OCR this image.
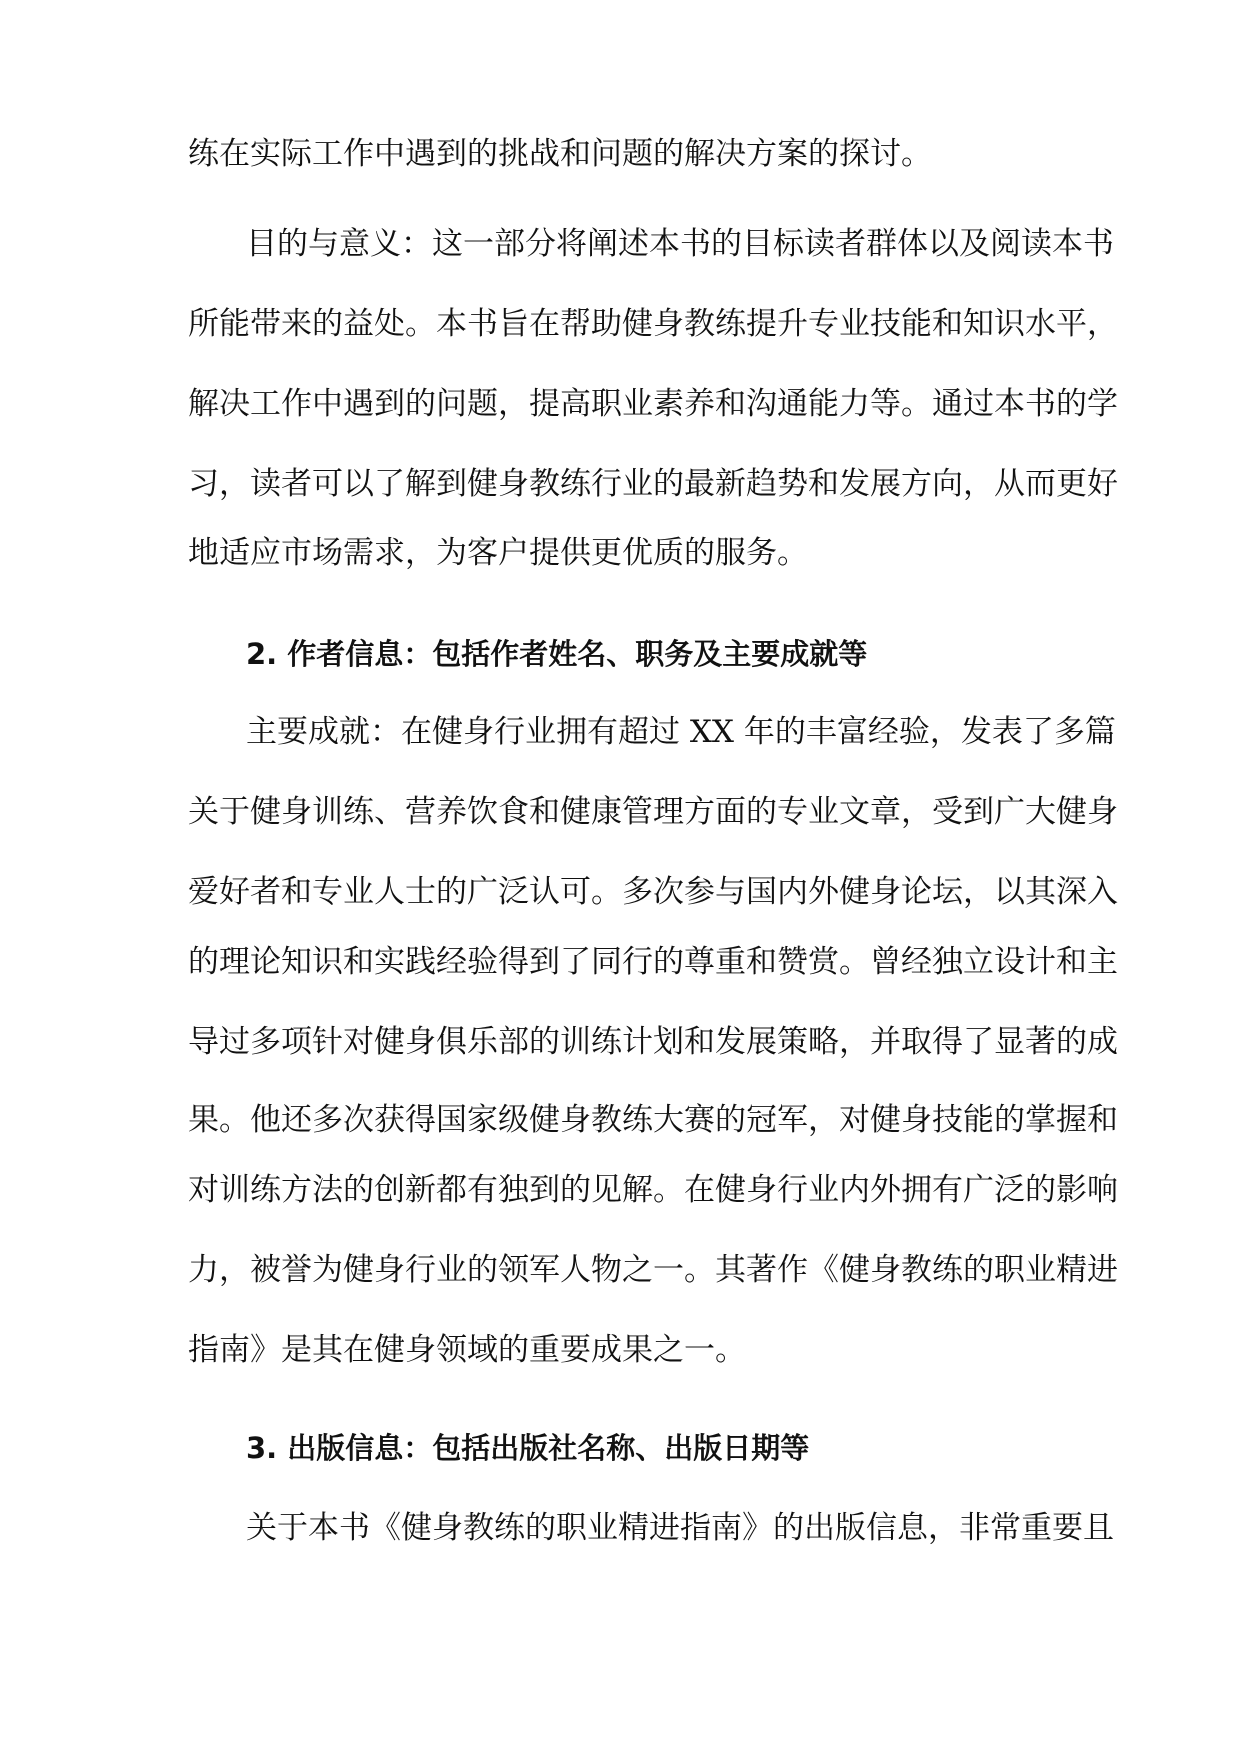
练在实际工作中遇到的挑战和问题的解决方案的探讨。
目的与意义：这一部分将阐述本书的目标读者群体以及阅读本书
所能带来的益处。本书旨在帮助健身教练提升专业技能和知识水平，
解决工作中遇到的问题，提高职业素养和沟通能力等。通过本书的学
习，读者可以了解到健身教练行业的最新趋势和发展方向，从而更好
地适应市场需求，为客户提供更优质的服务。
2. 作者信息：包括作者姓名、职务及主要成就等
主要成就：在健身行业拥有超过 XX 年的丰富经验，发表了多篇
关于健身训练、营养饮食和健康管理方面的专业文章，受到广大健身
爱好者和专业人士的广泛认可。多次参与国内外健身论坛，以其深入
的理论知识和实践经验得到了同行的尊重和赞赏。曾经独立设计和主
导过多项针对健身俱乐部的训练计划和发展策略，并取得了显著的成
果。他还多次获得国家级健身教练大赛的冠军，对健身技能的掌握和
对训练方法的创新都有独到的见解。在健身行业内外拥有广泛的影响
力，被誉为健身行业的领军人物之一。其著作《健身教练的职业精进
指南》是其在健身领域的重要成果之一。
3. 出版信息：包括出版社名称、出版日期等
关于本书《健身教练的职业精进指南》的出版信息，非常重要且
